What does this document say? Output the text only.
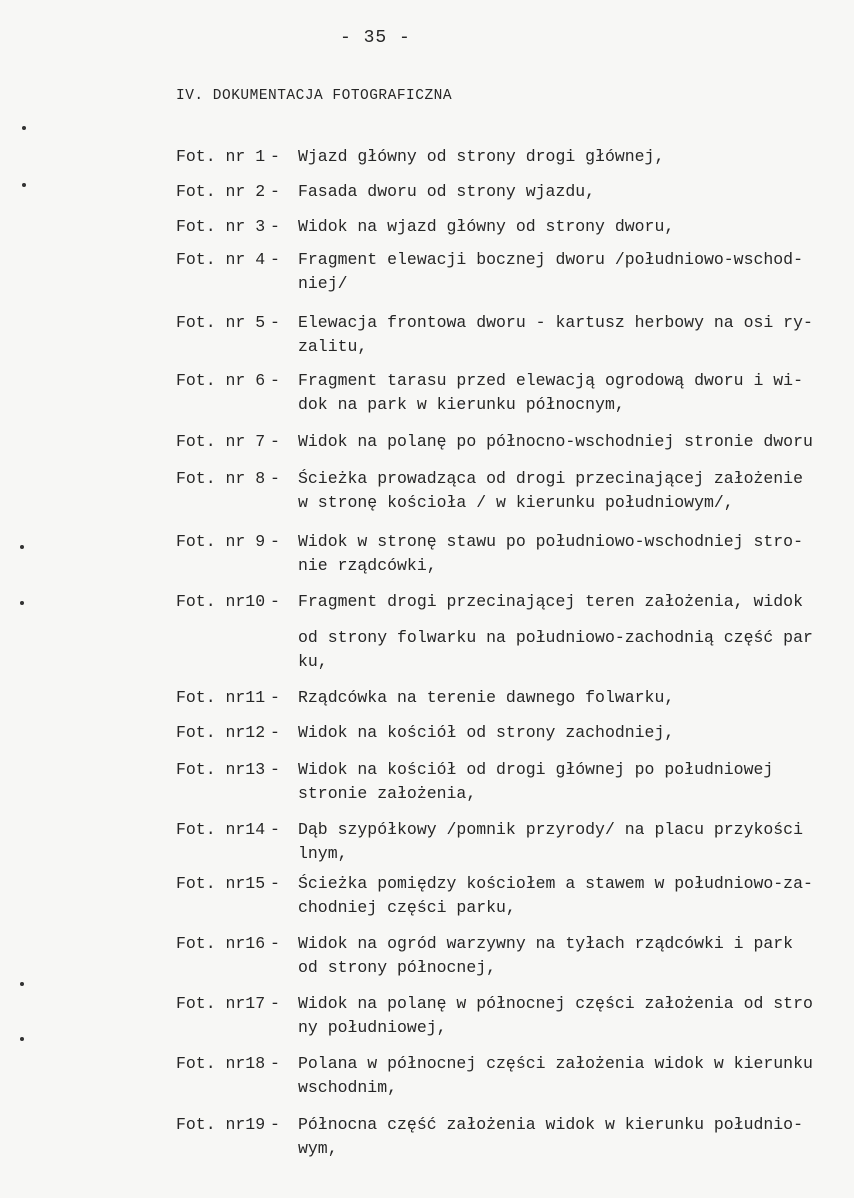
- 35 -
IV. DOKUMENTACJA FOTOGRAFICZNA
Fot. nr 1 - Wjazd główny od strony drogi głównej,
Fot. nr 2 - Fasada dworu od strony wjazdu,
Fot. nr 3 - Widok na wjazd główny od strony dworu,
Fot. nr 4 - Fragment elewacji bocznej dworu /południowo-wschod-
niej/
Fot. nr 5 - Elewacja frontowa dworu - kartusz herbowy na osi ry-
zalitu,
Fot. nr 6 - Fragment tarasu przed elewacją ogrodową dworu i wi-
dok na park w kierunku północnym,
Fot. nr 7 - Widok na polanę po północno-wschodniej stronie dworu
Fot. nr 8 - Ścieżka prowadząca od drogi przecinającej założenie
w stronę kościoła / w kierunku południowym/,
Fot. nr 9 - Widok w stronę stawu po południowo-wschodniej stro-
nie rządcówki,
Fot. nr10 - Fragment drogi przecinającej teren założenia, widok
od strony folwarku na południowo-zachodnią część par
ku,
Fot. nr11 - Rządcówka na terenie dawnego folwarku,
Fot. nr12 - Widok na kościół od strony zachodniej,
Fot. nr13 - Widok na kościół od drogi głównej po południowej
stronie założenia,
Fot. nr14 - Dąb szypółkowy /pomnik przyrody/ na placu przykości
lnym,
Fot. nr15 - Ścieżka pomiędzy kościołem a stawem w południowo-za-
chodniej części parku,
Fot. nr16 - Widok na ogród warzywny na tyłach rządcówki i park
od strony północnej,
Fot. nr17 - Widok na polanę w północnej części założenia od stro
ny południowej,
Fot. nr18 - Polana w północnej części założenia widok w kierunku
wschodnim,
Fot. nr19 - Północna część założenia widok w kierunku południo-
wym,
